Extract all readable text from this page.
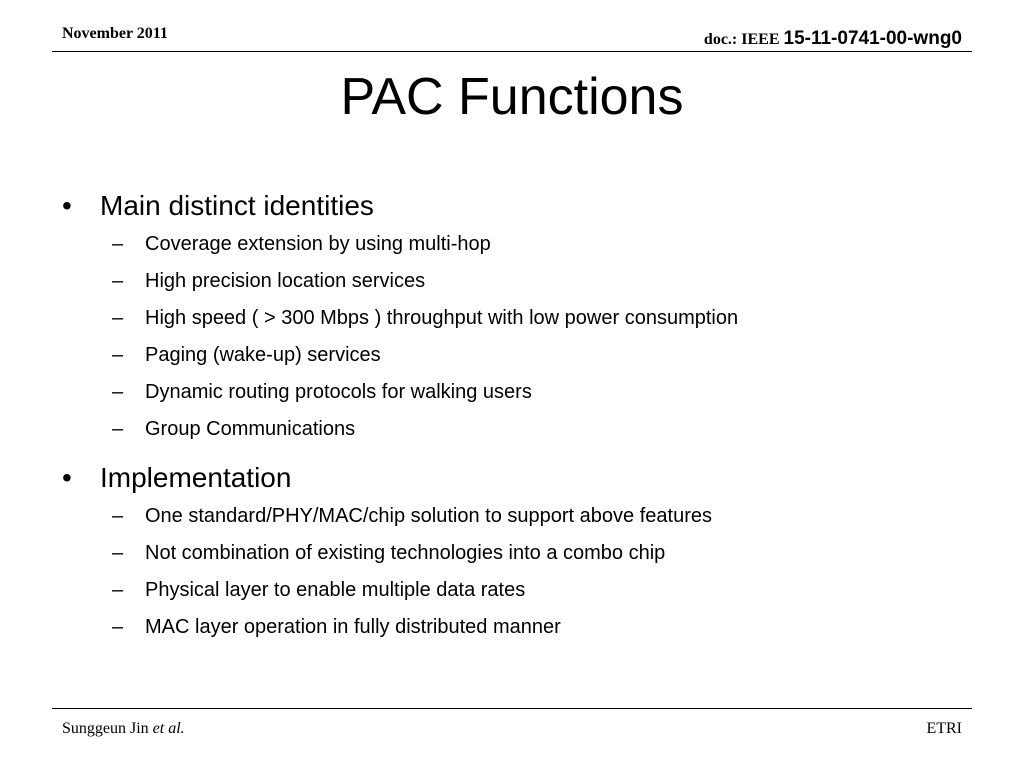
November 2011	doc.: IEEE 15-11-0741-00-wng0
PAC Functions
•	Main distinct identities
– Coverage extension by using multi-hop
– High precision location services
– High speed ( > 300 Mbps ) throughput with low power consumption
– Paging (wake-up) services
– Dynamic routing protocols for walking users
– Group Communications
•	Implementation
– One standard/PHY/MAC/chip solution to support above features
– Not combination of existing technologies into a combo chip
– Physical layer to enable multiple data rates
– MAC layer operation in fully distributed manner
Sunggeun Jin et al.	ETRI
